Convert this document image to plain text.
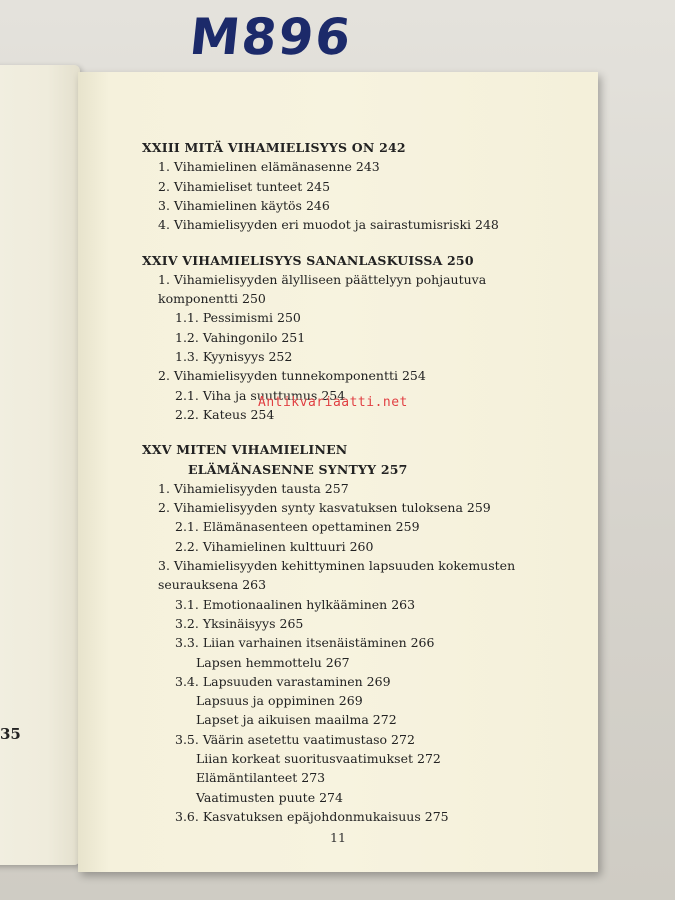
M896
35
XXIII MITÄ VIHAMIELISYYS ON 242
1. Vihamielinen elämänasenne 243
2. Vihamieliset tunteet 245
3. Vihamielinen käytös 246
4. Vihamielisyyden eri muodot ja sairastumisriski 248
XXIV VIHAMIELISYYS SANANLASKUISSA 250
1. Vihamielisyyden älylliseen päättelyyn pohjautuva
komponentti 250
1.1. Pessimismi 250
1.2. Vahingonilo 251
1.3. Kyynisyys 252
2. Vihamielisyyden tunnekomponentti 254
2.1. Viha ja suuttumus 254
2.2. Kateus 254
XXV MITEN VIHAMIELINEN
ELÄMÄNASENNE SYNTYY 257
1. Vihamielisyyden tausta 257
2. Vihamielisyyden synty kasvatuksen tuloksena 259
2.1. Elämänasenteen opettaminen 259
2.2. Vihamielinen kulttuuri 260
3. Vihamielisyyden kehittyminen lapsuuden kokemusten
seurauksena 263
3.1. Emotionaalinen hylkääminen 263
3.2. Yksinäisyys 265
3.3. Liian varhainen itsenäistäminen 266
Lapsen hemmottelu 267
3.4. Lapsuuden varastaminen 269
Lapsuus ja oppiminen 269
Lapset ja aikuisen maailma 272
3.5. Väärin asetettu vaatimustaso 272
Liian korkeat suoritusvaatimukset 272
Elämäntilanteet 273
Vaatimusten puute 274
3.6. Kasvatuksen epäjohdonmukaisuus 275
11
Antikvariaatti.net
